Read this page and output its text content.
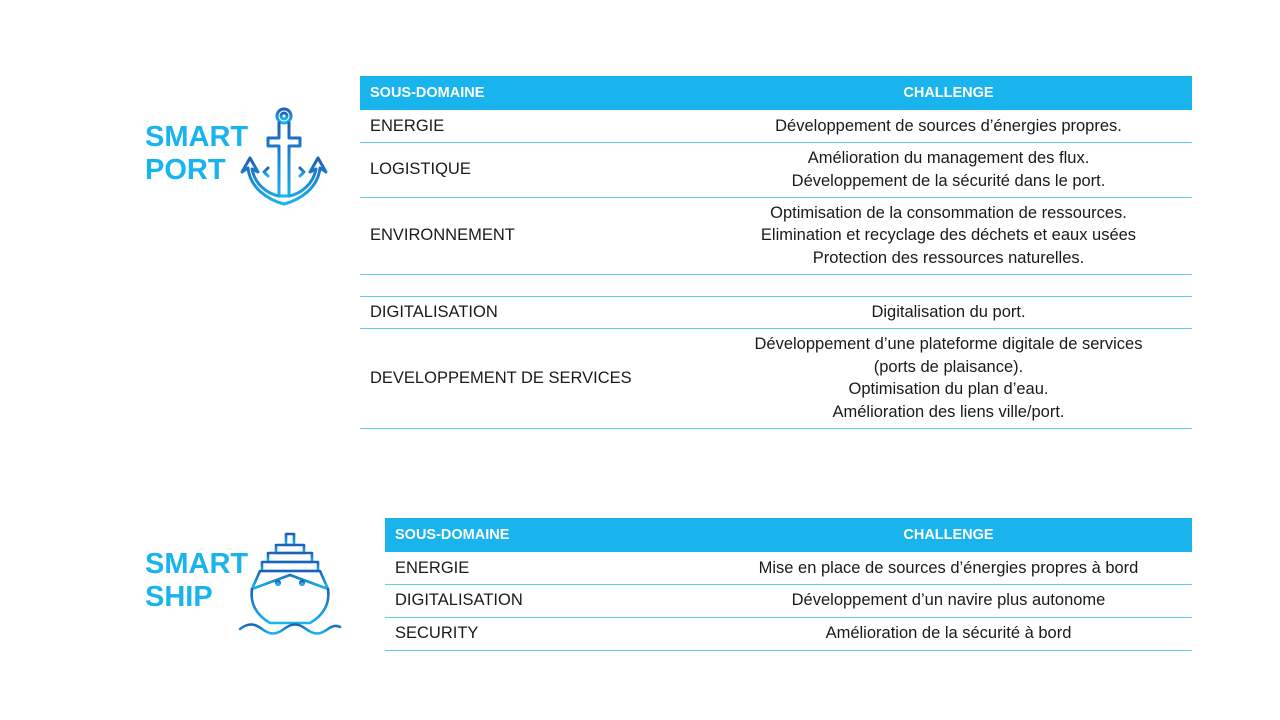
SMART
PORT
SOUS-DOMAINE	CHALLENGE
ENERGIE	Développement de sources d’énergies propres.

LOGISTIQUE	Amélioration du management des flux.
Développement de la sécurité dans le port.

ENVIRONNEMENT	Optimisation de la consommation de ressources.
Elimination et recyclage des déchets et eaux usées
Protection des ressources naturelles.

DIGITALISATION	Digitalisation du port.

DEVELOPPEMENT DE SERVICES	Développement d’une plateforme digitale de services
(ports de plaisance).
Optimisation du plan d’eau.
Amélioration des liens ville/port.
SMART
SHIP
SOUS-DOMAINE	CHALLENGE
ENERGIE	Mise en place de sources d’énergies propres à bord

DIGITALISATION	Développement d’un navire plus autonome

SECURITY	Amélioration de la sécurité à bord
